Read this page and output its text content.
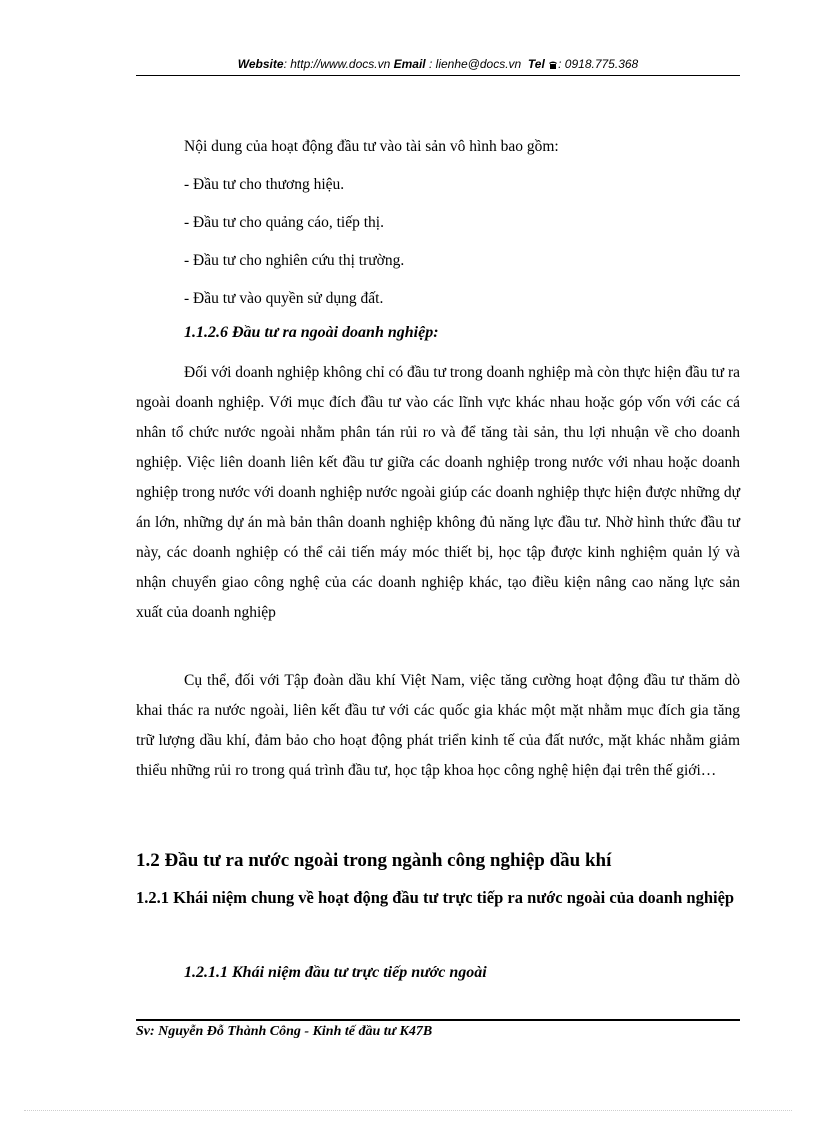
Website: http://www.docs.vn Email : lienhe@docs.vn Tel : 0918.775.368

Nội dung của hoạt động đầu tư vào tài sản vô hình bao gồm:

- Đầu tư cho thương hiệu.

- Đầu tư cho quảng cáo, tiếp thị.

- Đầu tư cho nghiên cứu thị trường.

- Đầu tư vào quyền sử dụng đất.

1.1.2.6 Đầu tư ra ngoài doanh nghiệp:

Đối với doanh nghiệp không chỉ có đầu tư trong doanh nghiệp mà còn thực hiện đầu tư ra ngoài doanh nghiệp. Với mục đích đầu tư vào các lĩnh vực khác nhau hoặc góp vốn với các cá nhân tổ chức nước ngoài nhằm phân tán rủi ro và để tăng tài sản, thu lợi nhuận về cho doanh nghiệp. Việc liên doanh liên kết đầu tư giữa các doanh nghiệp trong nước với nhau hoặc doanh nghiệp trong nước với doanh nghiệp nước ngoài giúp các doanh nghiệp thực hiện được những dự án lớn, những dự án mà bản thân doanh nghiệp không đủ năng lực đầu tư. Nhờ hình thức đầu tư này, các doanh nghiệp có thể cải tiến máy móc thiết bị, học tập được kinh nghiệm quản lý và nhận chuyển giao công nghệ của các doanh nghiệp khác, tạo điều kiện nâng cao năng lực sản xuất của doanh nghiệp

Cụ thể, đối với Tập đoàn dầu khí Việt Nam, việc tăng cường hoạt động đầu tư thăm dò khai thác ra nước ngoài, liên kết đầu tư với các quốc gia khác một mặt nhằm mục đích gia tăng trữ lượng dầu khí, đảm bảo cho hoạt động phát triển kinh tế của đất nước, mặt khác nhằm giảm thiểu những rủi ro trong quá trình đầu tư, học tập khoa học công nghệ hiện đại trên thế giới…

1.2 Đầu tư ra nước ngoài trong ngành công nghiệp dầu khí

1.2.1 Khái niệm chung về hoạt động đầu tư trực tiếp ra nước ngoài của doanh nghiệp

1.2.1.1 Khái niệm đầu tư trực tiếp nước ngoài

Sv: Nguyễn Đỗ Thành Công - Kinh tế đầu tư K47B
